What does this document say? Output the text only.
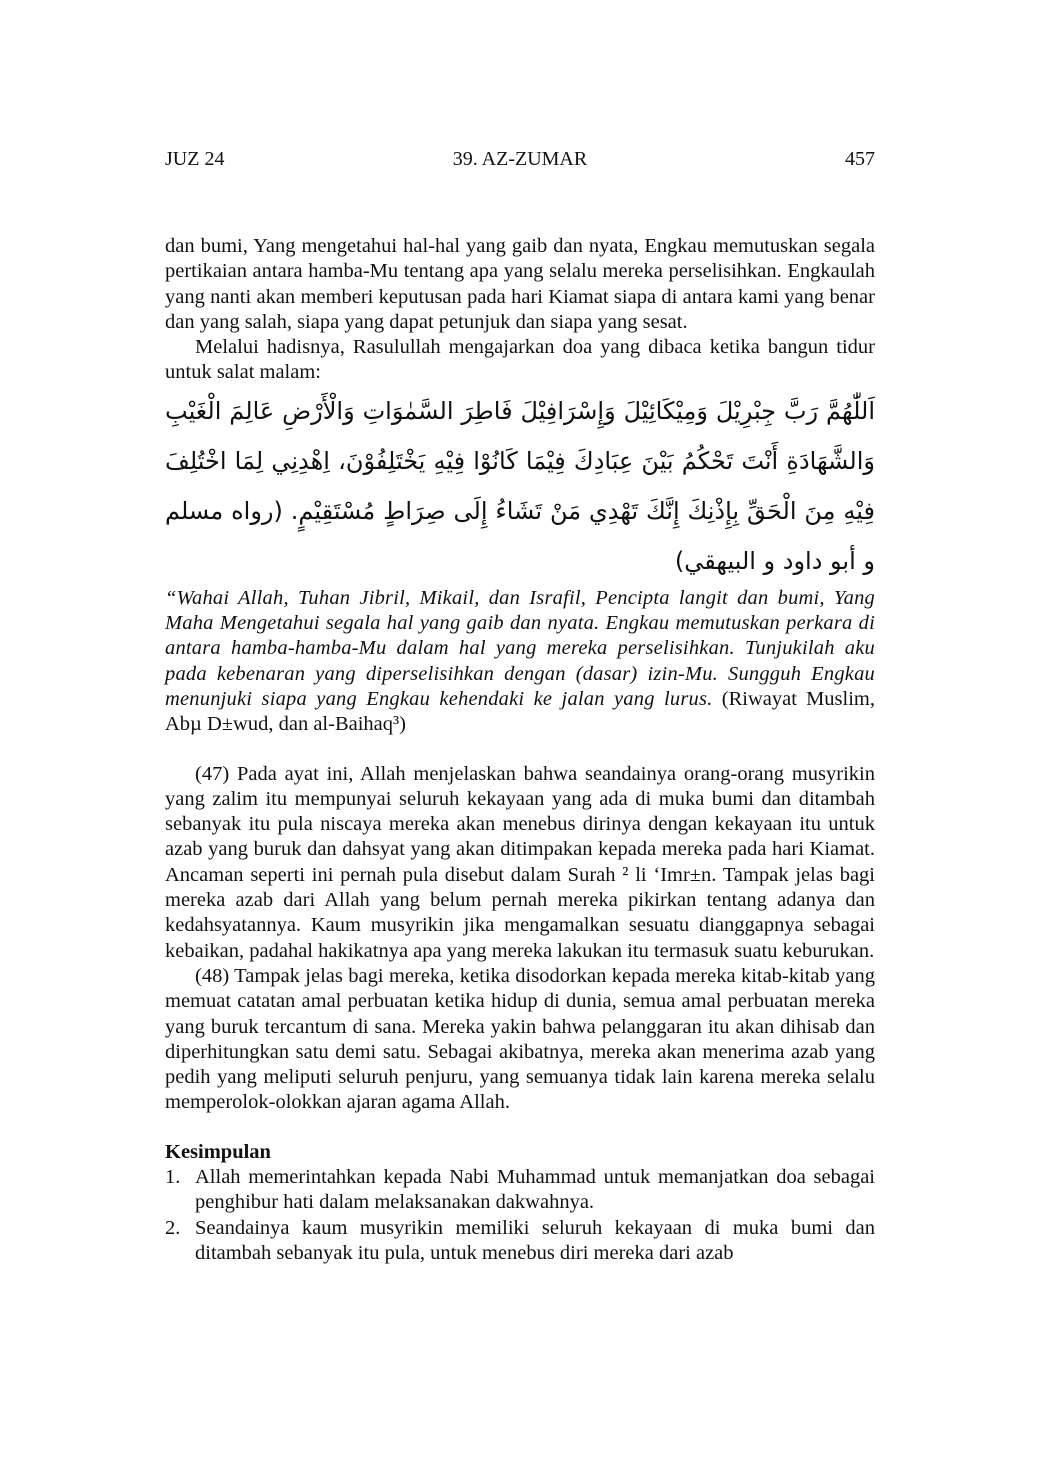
JUZ 24	39. AZ-ZUMAR	457

dan bumi, Yang mengetahui hal-hal yang gaib dan nyata, Engkau memutuskan segala pertikaian antara hamba-Mu tentang apa yang selalu mereka perselisihkan. Engkaulah yang nanti akan memberi keputusan pada hari Kiamat siapa di antara kami yang benar dan yang salah, siapa yang dapat petunjuk dan siapa yang sesat.

Melalui hadisnya, Rasulullah mengajarkan doa yang dibaca ketika bangun tidur untuk salat malam:

اَللّٰهُمَّ رَبَّ جِبْرِيْلَ وَمِيْكَائِيْلَ وَإِسْرَافِيْلَ فَاطِرَ السَّمٰوَاتِ وَالْأَرْضِ عَالِمَ الْغَيْبِ وَالشَّهَادَةِ أَنْتَ تَحْكُمُ بَيْنَ عِبَادِكَ فِيْمَا كَانُوْا فِيْهِ يَخْتَلِفُوْنَ، اِهْدِنِي لِمَا اخْتُلِفَ فِيْهِ مِنَ الْحَقِّ بِإِذْنِكَ إِنَّكَ تَهْدِي مَنْ تَشَاءُ إِلَى صِرَاطٍ مُسْتَقِيْمٍ. (رواه مسلم و أبو داود و البيهقي)

“Wahai Allah, Tuhan Jibril, Mikail, dan Israfil, Pencipta langit dan bumi, Yang Maha Mengetahui segala hal yang gaib dan nyata. Engkau memutuskan perkara di antara hamba-hamba-Mu dalam hal yang mereka perselisihkan. Tunjukilah aku pada kebenaran yang diperselisihkan dengan (dasar) izin-Mu. Sungguh Engkau menunjuki siapa yang Engkau kehendaki ke jalan yang lurus. (Riwayat Muslim, Abµ D±wud, dan al-Baihaq³)

(47) Pada ayat ini, Allah menjelaskan bahwa seandainya orang-orang musyrikin yang zalim itu mempunyai seluruh kekayaan yang ada di muka bumi dan ditambah sebanyak itu pula niscaya mereka akan menebus dirinya dengan kekayaan itu untuk azab yang buruk dan dahsyat yang akan ditimpakan kepada mereka pada hari Kiamat. Ancaman seperti ini pernah pula disebut dalam Surah ² li ‘Imr±n. Tampak jelas bagi mereka azab dari Allah yang belum pernah mereka pikirkan tentang adanya dan kedahsyatannya. Kaum musyrikin jika mengamalkan sesuatu dianggapnya sebagai kebaikan, padahal hakikatnya apa yang mereka lakukan itu termasuk suatu keburukan.

(48) Tampak jelas bagi mereka, ketika disodorkan kepada mereka kitab-kitab yang memuat catatan amal perbuatan ketika hidup di dunia, semua amal perbuatan mereka yang buruk tercantum di sana. Mereka yakin bahwa pelanggaran itu akan dihisab dan diperhitungkan satu demi satu. Sebagai akibatnya, mereka akan menerima azab yang pedih yang meliputi seluruh penjuru, yang semuanya tidak lain karena mereka selalu memperolok-olokkan ajaran agama Allah.

Kesimpulan

1. Allah memerintahkan kepada Nabi Muhammad untuk memanjatkan doa sebagai penghibur hati dalam melaksanakan dakwahnya.
2. Seandainya kaum musyrikin memiliki seluruh kekayaan di muka bumi dan ditambah sebanyak itu pula, untuk menebus diri mereka dari azab
